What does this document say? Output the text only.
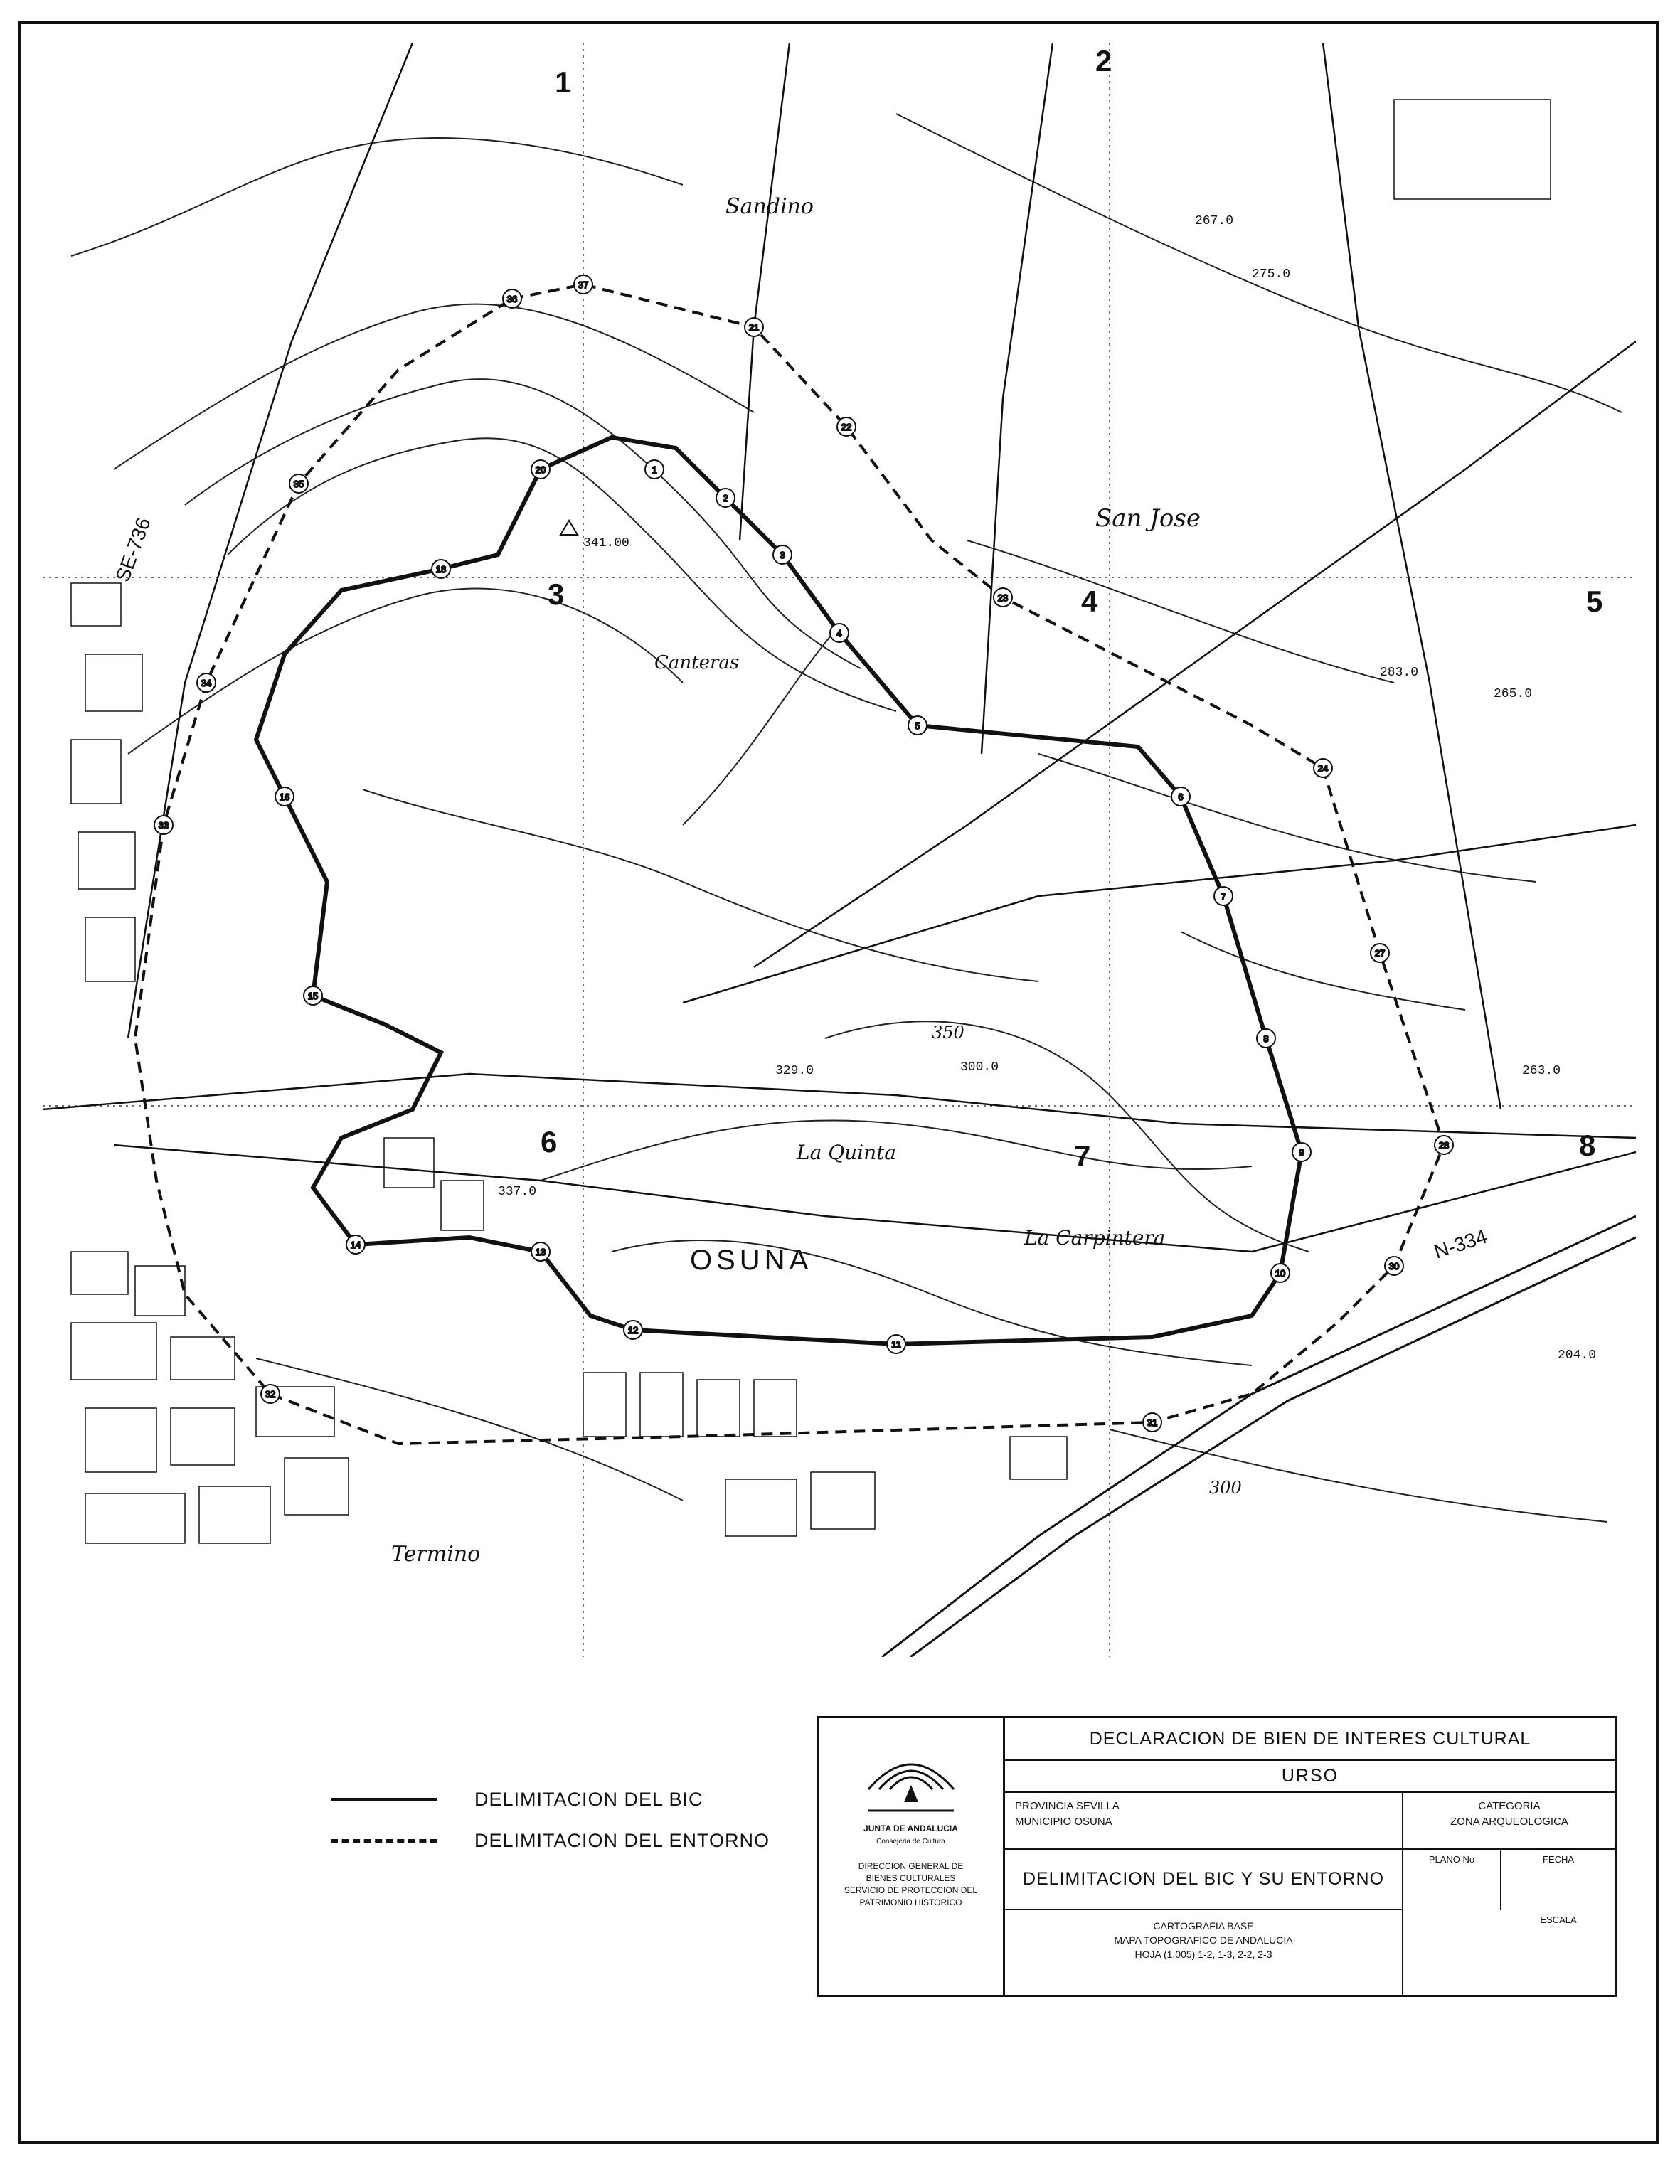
1
2
3
4
5
6
7
8
9
10
11
12
13
14
15
16
18
20
21
22
23
24
27
28
30
31
32
33
34
35
36
37
1
2
3	4	5
6	7	8
Sandino
San Jose
Canteras
La Quinta
La Carpintera
OSUNA
Termino
SE-736
N-334
300
350
267.0
275.0
341.00
337.0
263.0
204.0
283.0
329.0
265.0
300.0
DELIMITACION DEL BIC
DELIMITACION DEL ENTORNO
JUNTA DE ANDALUCIA
Consejeria de Cultura
DIRECCION GENERAL DE
BIENES CULTURALES
SERVICIO DE PROTECCION DEL
PATRIMONIO HISTORICO
DECLARACION DE BIEN DE INTERES CULTURAL
URSO
PROVINCIA SEVILLA
MUNICIPIO OSUNA
CATEGORIA
ZONA ARQUEOLOGICA
DELIMITACION DEL BIC Y SU ENTORNO
PLANO No	FECHA
CARTOGRAFIA BASE
MAPA TOPOGRAFICO DE ANDALUCIA
HOJA (1.005) 1-2, 1-3, 2-2, 2-3
ESCALA
